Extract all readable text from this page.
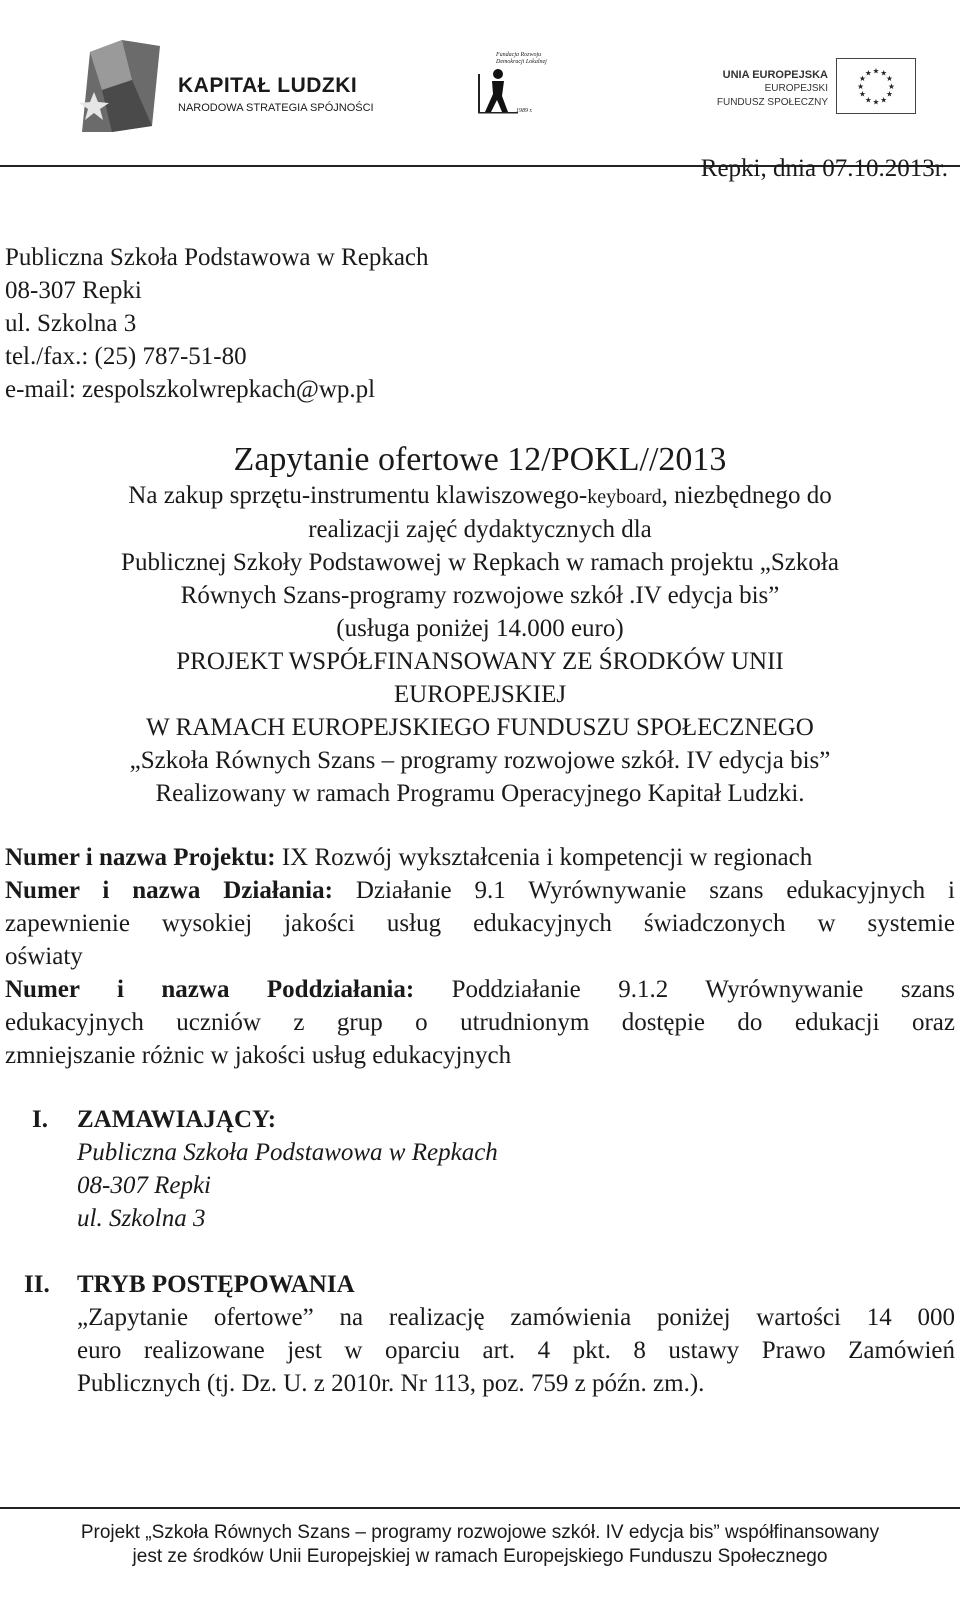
KAPITAŁ LUDZKI
NARODOWA STRATEGIA SPÓJNOŚCI
Fundacja Rozwoju
Demokracji Lokalnej
1989 r.
UNIA EUROPEJSKA
EUROPEJSKI
FUNDUSZ SPOŁECZNY
★ ★
★
★
★
★
★
★
★
★
★
★
Repki, dnia 07.10.2013r.
Publiczna Szkoła Podstawowa w Repkach
08-307 Repki
ul. Szkolna 3
tel./fax.: (25) 787-51-80
e-mail: zespolszkolwrepkach@wp.pl
Zapytanie ofertowe 12/POKL//2013
Na zakup sprzętu-instrumentu klawiszowego-keyboard, niezbędnego do
realizacji zajęć dydaktycznych dla
Publicznej Szkoły Podstawowej w Repkach w ramach projektu „Szkoła
Równych Szans-programy rozwojowe szkół .IV edycja bis”
(usługa poniżej 14.000 euro)
PROJEKT WSPÓŁFINANSOWANY ZE ŚRODKÓW UNII
EUROPEJSKIEJ
W RAMACH EUROPEJSKIEGO FUNDUSZU SPOŁECZNEGO
„Szkoła Równych Szans – programy rozwojowe szkół. IV edycja bis”
Realizowany w ramach Programu Operacyjnego Kapitał Ludzki.
Numer i nazwa Projektu: IX Rozwój wykształcenia i kompetencji w regionach
Numer i nazwa Działania: Działanie 9.1 Wyrównywanie szans edukacyjnych i
zapewnienie wysokiej jakości usług edukacyjnych świadczonych w systemie
oświaty
Numer i nazwa Poddziałania: Poddziałanie 9.1.2 Wyrównywanie szans
edukacyjnych uczniów z grup o utrudnionym dostępie do edukacji oraz
zmniejszanie różnic w jakości usług edukacyjnych
I. ZAMAWIAJĄCY:
Publiczna Szkoła Podstawowa w Repkach
08-307 Repki
ul. Szkolna 3
II. TRYB POSTĘPOWANIA
„Zapytanie ofertowe” na realizację zamówienia poniżej wartości 14 000
euro realizowane jest w oparciu art. 4 pkt. 8 ustawy Prawo Zamówień
Publicznych (tj. Dz. U. z 2010r. Nr 113, poz. 759 z późn. zm.).
Projekt „Szkoła Równych Szans – programy rozwojowe szkół. IV edycja bis” współfinansowany
jest ze środków Unii Europejskiej w ramach Europejskiego Funduszu Społecznego
